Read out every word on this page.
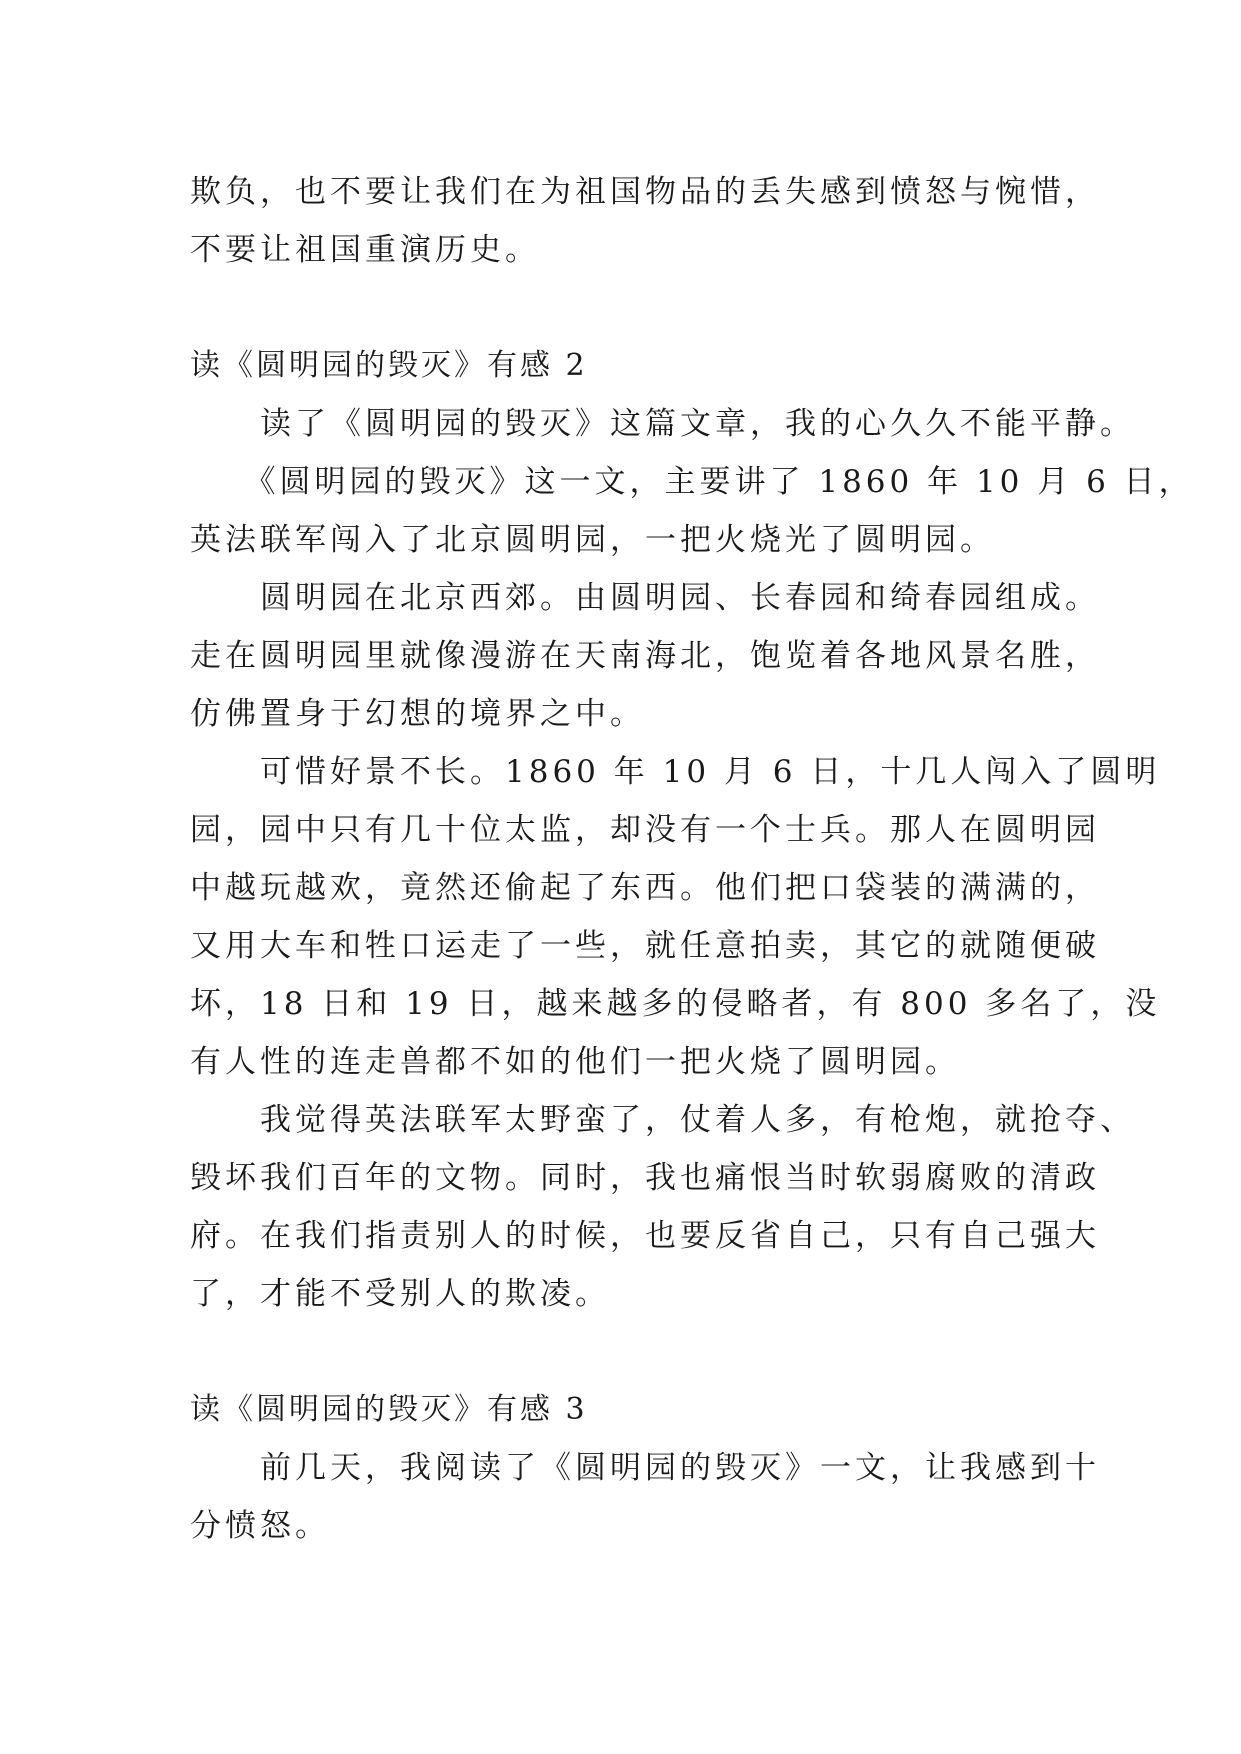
欺负，也不要让我们在为祖国物品的丢失感到愤怒与惋惜，

不要让祖国重演历史。

读《圆明园的毁灭》有感 2

　　读了《圆明园的毁灭》这篇文章，我的心久久不能平静。

　　《圆明园的毁灭》这一文，主要讲了 1860 年 10 月 6 日，

英法联军闯入了北京圆明园，一把火烧光了圆明园。

　　圆明园在北京西郊。由圆明园、长春园和绮春园组成。

走在圆明园里就像漫游在天南海北，饱览着各地风景名胜，

仿佛置身于幻想的境界之中。

　　可惜好景不长。1860 年 10 月 6 日，十几人闯入了圆明

园，园中只有几十位太监，却没有一个士兵。那人在圆明园

中越玩越欢，竟然还偷起了东西。他们把口袋装的满满的，

又用大车和牲口运走了一些，就任意拍卖，其它的就随便破

坏，18 日和 19 日，越来越多的侵略者，有 800 多名了，没

有人性的连走兽都不如的他们一把火烧了圆明园。

　　我觉得英法联军太野蛮了，仗着人多，有枪炮，就抢夺、

毁坏我们百年的文物。同时，我也痛恨当时软弱腐败的清政

府。在我们指责别人的时候，也要反省自己，只有自己强大

了，才能不受别人的欺凌。

读《圆明园的毁灭》有感 3

　　前几天，我阅读了《圆明园的毁灭》一文，让我感到十

分愤怒。
